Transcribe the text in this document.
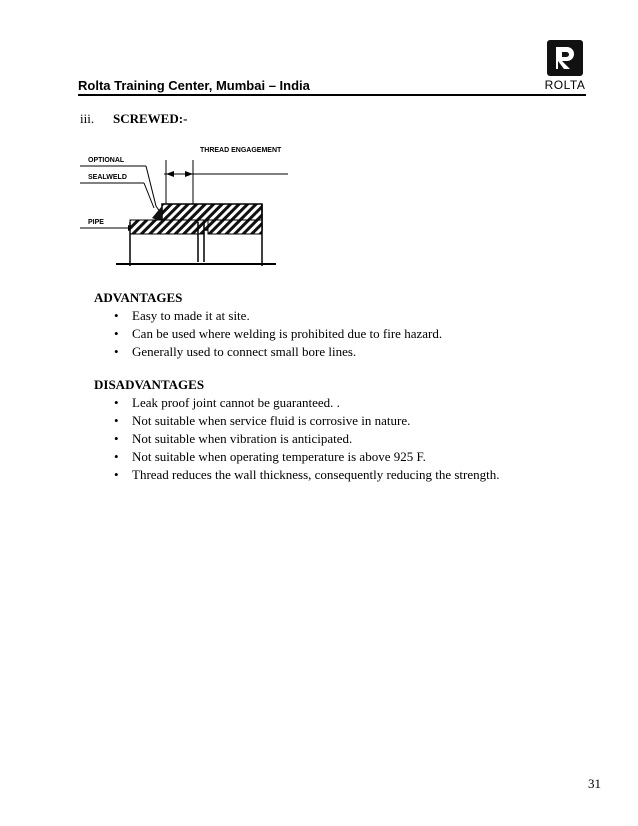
Rolta Training Center, Mumbai – India	ROLTA
iii. SCREWED:-
OPTIONAL
SEALWELD
PIPE
THREAD ENGAGEMENT
ADVANTAGES
• Easy to made it at site.
• Can be used where welding is prohibited due to fire hazard.
• Generally used to connect small bore lines.
DISADVANTAGES
• Leak proof joint cannot be guaranteed. .
• Not suitable when service fluid is corrosive in nature.
• Not suitable when vibration is anticipated.
• Not suitable when operating temperature is above 925 F.
• Thread reduces the wall thickness, consequently reducing the strength.
31
